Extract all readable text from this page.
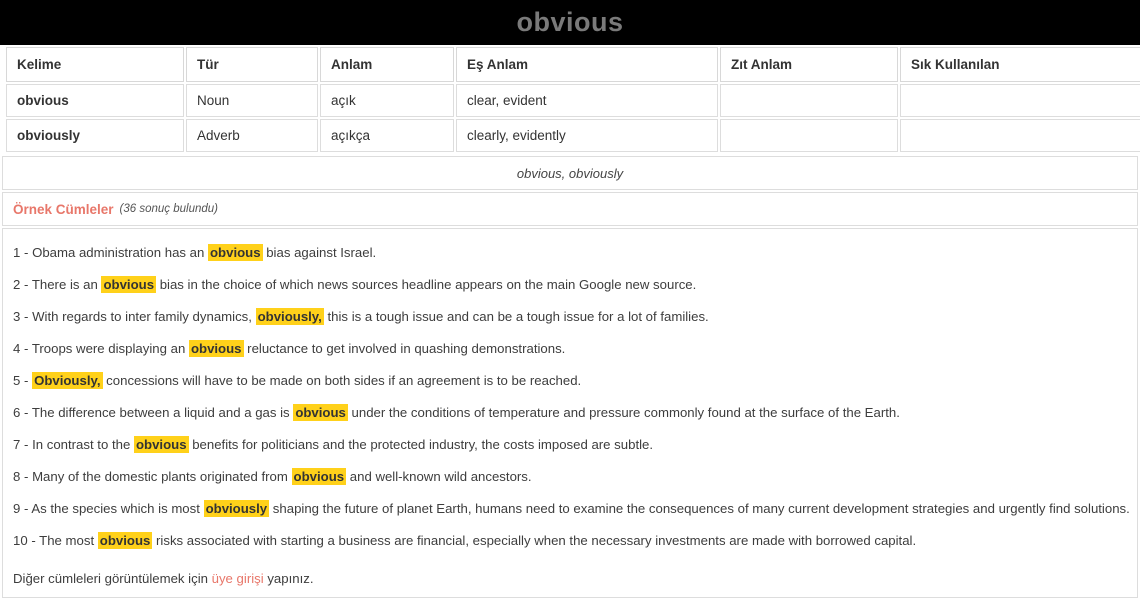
obvious
Kelime	Tür	Anlam	Eş Anlam	Zıt Anlam	Sık Kullanılan
obvious	Noun	açık	clear, evident		
obviously	Adverb	açıkça	clearly, evidently		
obvious, obviously
Örnek Cümleler (36 sonuç bulundu)
1 - Obama administration has an obvious bias against Israel.
2 - There is an obvious bias in the choice of which news sources headline appears on the main Google new source.
3 - With regards to inter family dynamics, obviously, this is a tough issue and can be a tough issue for a lot of families.
4 - Troops were displaying an obvious reluctance to get involved in quashing demonstrations.
5 - Obviously, concessions will have to be made on both sides if an agreement is to be reached.
6 - The difference between a liquid and a gas is obvious under the conditions of temperature and pressure commonly found at the surface of the Earth.
7 - In contrast to the obvious benefits for politicians and the protected industry, the costs imposed are subtle.
8 - Many of the domestic plants originated from obvious and well-known wild ancestors.
9 - As the species which is most obviously shaping the future of planet Earth, humans need to examine the consequences of many current development strategies and urgently find solutions.
10 - The most obvious risks associated with starting a business are financial, especially when the necessary investments are made with borrowed capital.
Diğer cümleleri görüntülemek için üye girişi yapınız.
